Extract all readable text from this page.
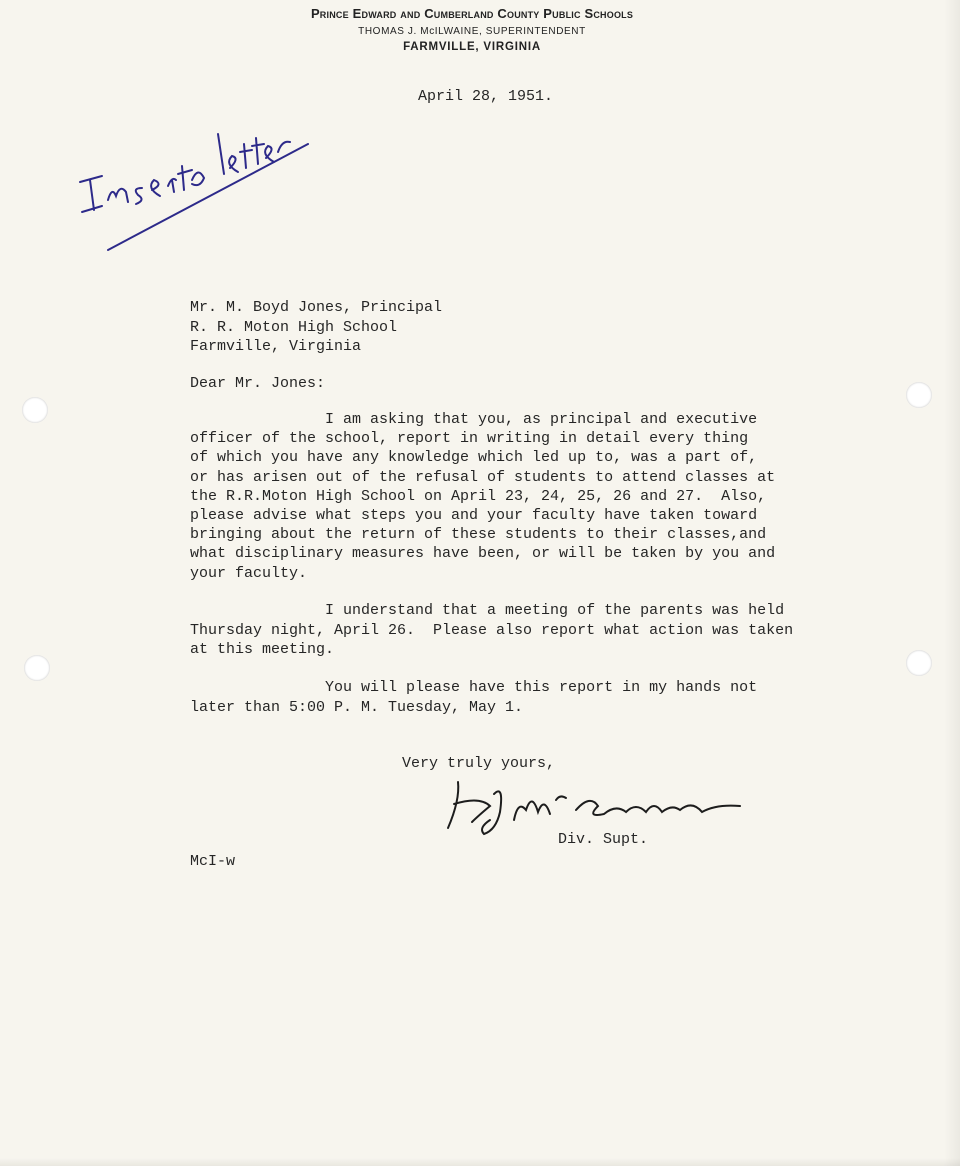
Prince Edward and Cumberland County Public Schools
THOMAS J. McILWAINE, SUPERINTENDENT
FARMVILLE, VIRGINIA
April 28, 1951.
Mr. M. Boyd Jones, Principal
R. R. Moton High School
Farmville, Virginia
Dear Mr. Jones:
I am asking that you, as principal and executive
officer of the school, report in writing in detail every thing
of which you have any knowledge which led up to, was a part of,
or has arisen out of the refusal of students to attend classes at
the R.R.Moton High School on April 23, 24, 25, 26 and 27.  Also,
please advise what steps you and your faculty have taken toward
bringing about the return of these students to their classes,and
what disciplinary measures have been, or will be taken by you and
your faculty.
I understand that a meeting of the parents was held
Thursday night, April 26.  Please also report what action was taken
at this meeting.
You will please have this report in my hands not
later than 5:00 P. M. Tuesday, May 1.
Very truly yours,
Div. Supt.
McI-w
